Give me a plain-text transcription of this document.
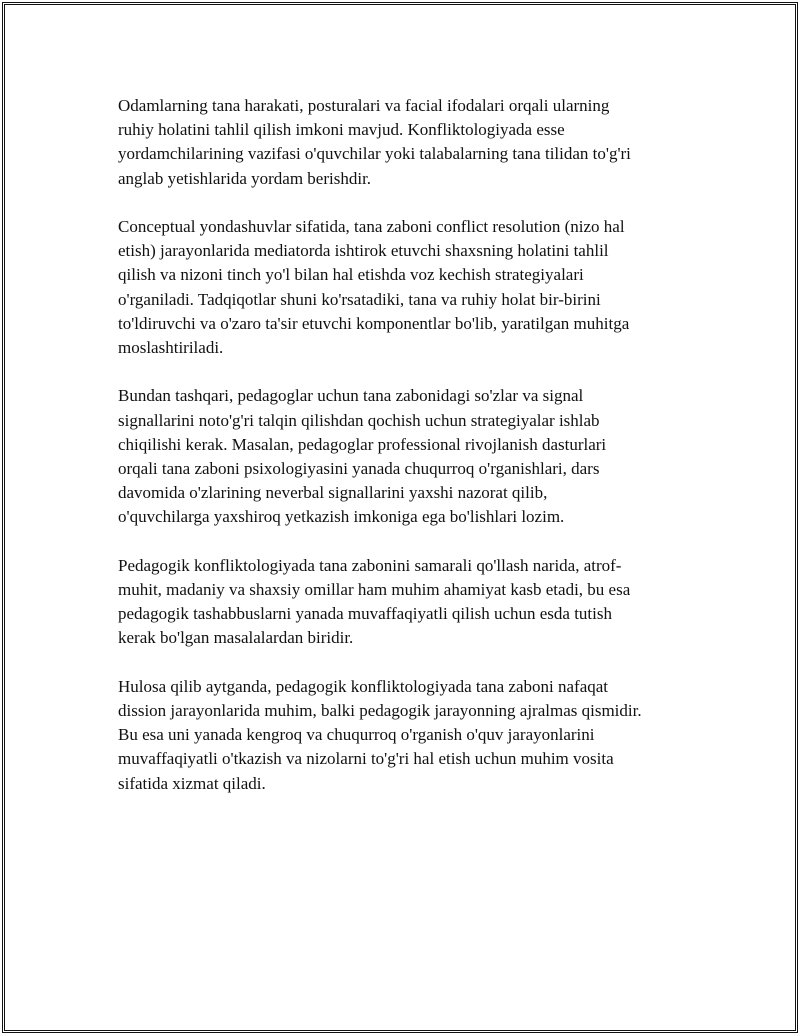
Odamlarning tana harakati, posturalari va facial ifodalari orqali ularning
ruhiy holatini tahlil qilish imkoni mavjud. Konfliktologiyada esse
yordamchilarining vazifasi o'quvchilar yoki talabalarning tana tilidan to'g'ri
anglab yetishlarida yordam berishdir.

Conceptual yondashuvlar sifatida, tana zaboni conflict resolution (nizo hal
etish) jarayonlarida mediatorda ishtirok etuvchi shaxsning holatini tahlil
qilish va nizoni tinch yo'l bilan hal etishda voz kechish strategiyalari
o'rganiladi. Tadqiqotlar shuni ko'rsatadiki, tana va ruhiy holat bir-birini
to'ldiruvchi va o'zaro ta'sir etuvchi komponentlar bo'lib, yaratilgan muhitga
moslashtiriladi.

Bundan tashqari, pedagoglar uchun tana zabonidagi so'zlar va signal
signallarini noto'g'ri talqin qilishdan qochish uchun strategiyalar ishlab
chiqilishi kerak. Masalan, pedagoglar professional rivojlanish dasturlari
orqali tana zaboni psixologiyasini yanada chuqurroq o'rganishlari, dars
davomida o'zlarining neverbal signallarini yaxshi nazorat qilib,
o'quvchilarga yaxshiroq yetkazish imkoniga ega bo'lishlari lozim.

Pedagogik konfliktologiyada tana zabonini samarali qo'llash narida, atrof-
muhit, madaniy va shaxsiy omillar ham muhim ahamiyat kasb etadi, bu esa
pedagogik tashabbuslarni yanada muvaffaqiyatli qilish uchun esda tutish
kerak bo'lgan masalalardan biridir.

Hulosa qilib aytganda, pedagogik konfliktologiyada tana zaboni nafaqat
dission jarayonlarida muhim, balki pedagogik jarayonning ajralmas qismidir.
Bu esa uni yanada kengroq va chuqurroq o'rganish o'quv jarayonlarini
muvaffaqiyatli o'tkazish va nizolarni to'g'ri hal etish uchun muhim vosita
sifatida xizmat qiladi.
